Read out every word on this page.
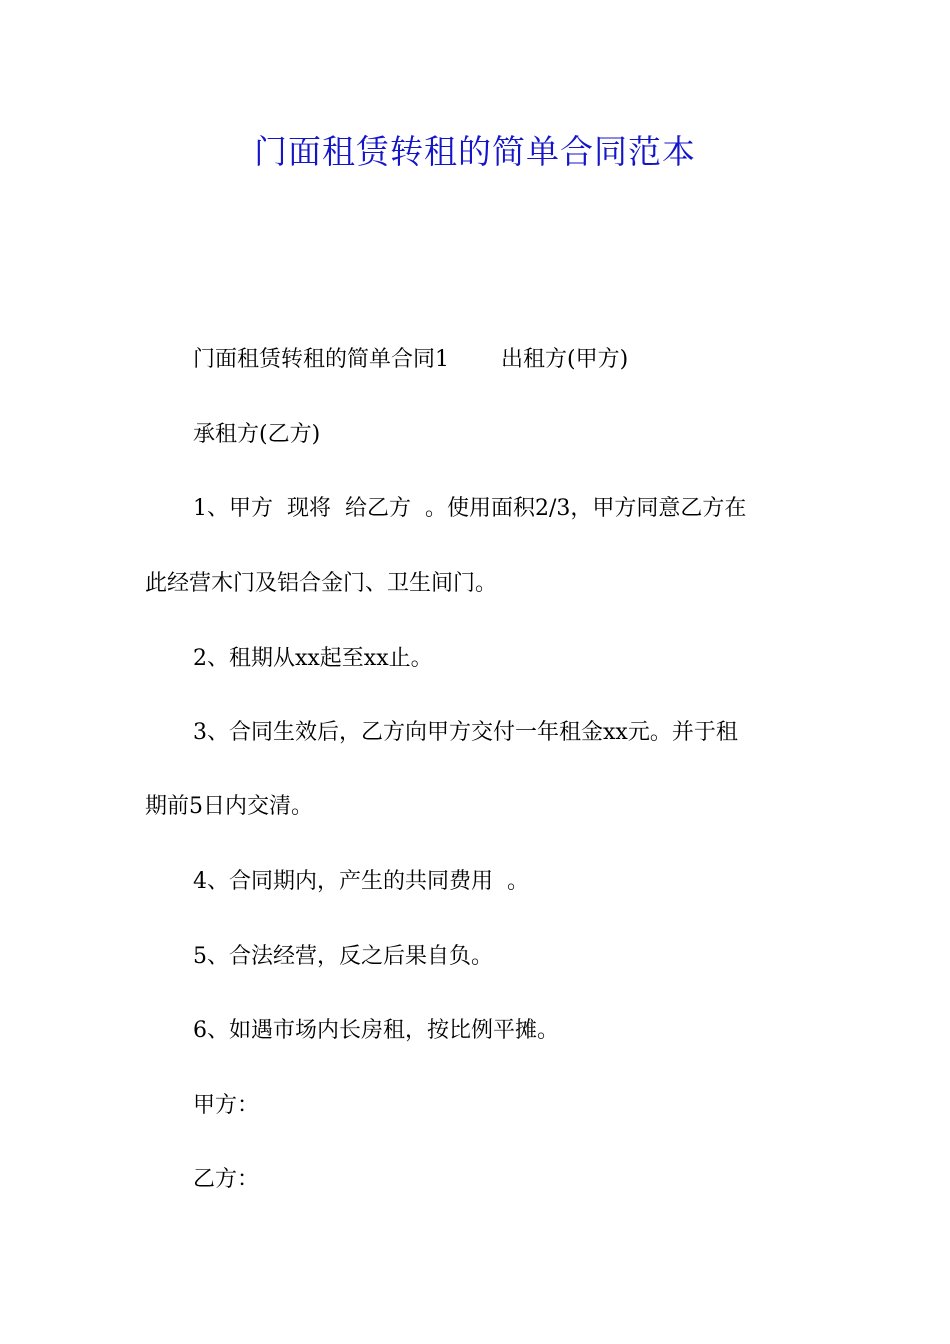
门面租赁转租的简单合同范本

门面租赁转租的简单合同1 出租方(甲方)

承租方(乙方)

1、甲方  现将  给乙方  。使用面积2/3，甲方同意乙方在

此经营木门及铝合金门、卫生间门。

2、租期从xx起至xx止。

3、合同生效后，乙方向甲方交付一年租金xx元。并于租

期前5日内交清。

4、合同期内，产生的共同费用  。

5、合法经营，反之后果自负。

6、如遇市场内长房租，按比例平摊。

甲方：

乙方：
